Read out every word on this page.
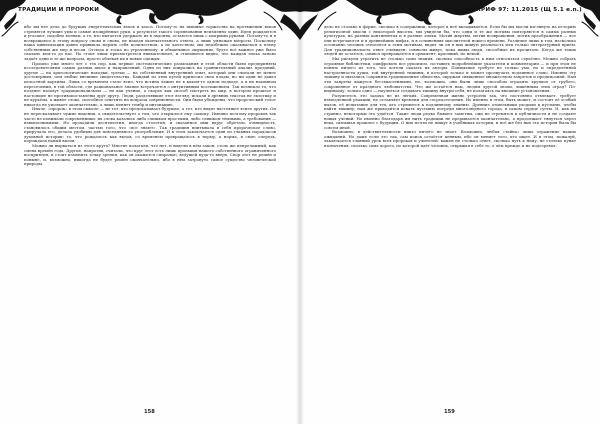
ТРАДИЦИИ И ПРОРОКИ

ибо им нет дела до будущих энергетических вехов и хаоса. Потому-то на пышные торжества на протяжении веков стремятся лучшие умы и самые изощрённые руки, а результат такого соревнования неизменно один. Идеи рождаются и угасают, подобно волнам, а те, кто пытается удержать их в ладонях, остаются лишь с мокрыми руками. Потому-то и я возвращаюсь к этому вопросу снова и снова, не находя окончательного ответа, а лишь умножая вопросы. Поскольку наша цивилизация давно привыкла мерить себя количеством, а не качеством, мы неизбежно оказываемся в плену собственных же мер и весов. Отсюда и тоска по утраченному, и обманчивое ощущение, будто всё важное уже было сказано кем-то до нас. Но стоит лишь присмотреться внимательнее, и становится видно, что каждая эпоха заново задаёт одни и те же вопросы, просто облекая их в новые одежды.

Прошло уже много лет с тех пор, как первые систематические разыскания в этой области были предприняты исследователями самых разных школ и направлений. Одни из них опирались на сравнительный анализ преданий, другие — на археологические находки, третьи — на собственный внутренний опыт, который они считали не менее достоверным, чем любые внешние свидетельства. Каждый из этих путей приносил свои плоды, но ни один не давал целостной картины. Лишь со временем стало ясно, что истина лежит не в каком-то одном подходе, а в их взаимном пересечении, в той области, где рациональное знание встречается с интуитивным постижением. Так возникло то, что позднее назовут традиционализмом — не как учение, а скорее как способ смотреть на мир, в котором прошлое и настоящее не противопоставлены друг другу. Люди, разделявшие этот взгляд, искали в древних текстах не экзотику и не курьёзы, а живое слово, способное ответить на вопросы современности. Они были убеждены, что пророческий голос никогда не умолкает окончательно, а лишь меняет тембр и интонацию.

Иначе, «пророк» в этом смысле — не тот, кто предсказывает будущее, а тот, кто видит настоящее яснее других. Он не пересказывает чужие видения, а свидетельствует о том, что открылось ему самому. Именно поэтому пророков так часто не понимали современники: их слова казались либо слишком простыми, либо слишком тёмными, а требования — невыполнимыми. Но проходили десятилетия, иногда столетия, и сказанное ими вдруг обретало очевидность, становилось общим местом, частью того, что «все знают». Так традиция впитывала в себя пророческое слово, приручала его, делала удобным для повседневного употребления. И в этом заключается один из главных парадоксов духовной истории: то, что рождалось как вызов, со временем превращалось в норму, а норма, в свою очередь, порождала новый вызов.

Можно ли вырваться из этого круга? Многие полагали, что нет, и видели в нём закон, столь же непреложный, как смена времён года. Другие, напротив, считали, что круг этот есть лишь проекция нашего собственного ограниченного восприятия, и стоит изменить точку зрения, как он окажется спиралью, ведущей куда-то вверх. Спор этот не решён и поныне, и, возможно, никогда не будет решён окончательно, ибо в нём затронуто самое существо человеческой природы.

158
АПОКРИФ 97: 11.2015 (Щ 5.1 e.n.)

дело не столько в форме, сколько в содержании, которое в неё вкладывается. Если бы мы могли взглянуть на историю религиозной мысли с некоторой высоты, мы увидели бы, что одни и те же мотивы повторяются в самых разных культурах, на разных континентах и в разные эпохи. Мотив жертвы, мотив возвращения, мотив преображения — все они встречаются и в древнейших мифах, и в сочинениях мыслителей нового времени. Различие лишь в том, насколько осознанно человек относится к этим мотивам, видит ли он в них живую реальность или только литературный приём. Для традиционалиста ответ очевиден: символы живут, пока живы люди, способные их прочитать. Когда же таких людей не остаётся, символ превращается в орнамент, красивый, но немой.

Мы рискуем утратить не столько сами знания, сколько способность к ним относиться серьёзно. Можно собрать огромные библиотеки, оцифровать все рукописи, составить подробнейшие указатели и комментарии — и при этом не понять ничего из того, что хотели сказать их авторы. Понимание требует не только ума, но и определённой настроенности души, той внутренней тишины, в которой только и может прозвучать подлинное слово. Именно эту тишину и пытались сохранить традиционные общества, окружая священное множеством запретов и предписаний. Нам эти запреты кажутся бессмысленными, но, возможно, они были лишь способом оградить хрупкое от грубого, сокровенное от праздного любопытства. Что же остаётся нам, людям другой эпохи, лишённым этих оград? По-видимому, только одно — научиться создавать тишину внутри себя, не полагаясь на внешние установления.

Разумеется, это задача не из лёгких. Современная жизнь устроена так, что постоянно отвлекает, требует немедленной реакции, не оставляет времени для сосредоточения. Но именно в этом, быть может, и состоит её особый вызов, её испытание для тех, кто стремится к подлинному знанию. Древние отшельники уходили в пустыню, чтобы найти тишину; нам же приходится искать пустыню посреди многолюдного города, в самом сердце суеты. И, как ни странно, некоторым это удаётся. Такие люди редко бывают заметны, они не стремятся к публичности и не создают новых учений. Но именно благодаря им нить традиции не прерывается окончательно, а продолжает тянуться через века, связывая прошлое с будущим. О них почти не пишут в учебниках истории, и всё же без них эта история была бы совсем иной.

Возможно, в действительности никто ничего не знает. Возможно, любая «тайна» лишь отражение наших ожиданий. Но даже если это так, сам поиск остаётся ценным, ибо он меняет того, кто ищет. И в этом, пожалуй, заключается главный урок всех пророков и учителей: важен не столько ответ, сколько путь к нему, не столько пункт назначения, сколько сама дорога, по которой идёт человек, открывая в себе то, о чём прежде и не подозревал.

159
